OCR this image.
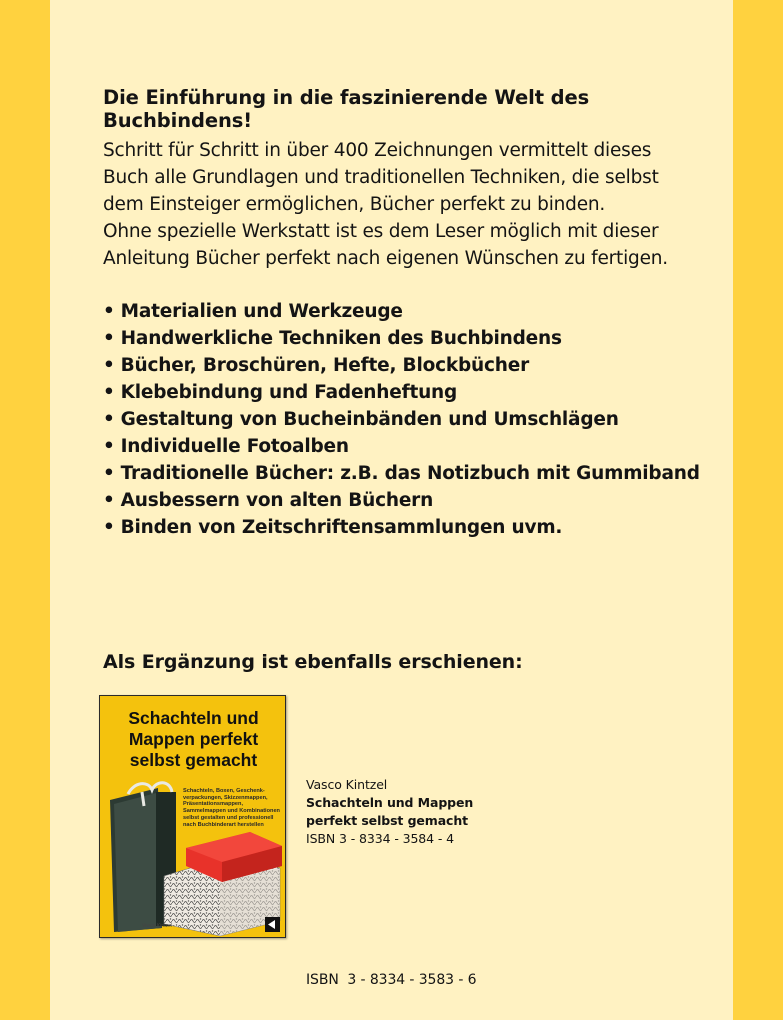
Die Einführung in die faszinierende Welt des Buchbindens!

Schritt für Schritt in über 400 Zeichnungen vermittelt dieses
Buch alle Grundlagen und traditionellen Techniken, die selbst
dem Einsteiger ermöglichen, Bücher perfekt zu binden.
Ohne spezielle Werkstatt ist es dem Leser möglich mit dieser
Anleitung Bücher perfekt nach eigenen Wünschen zu fertigen.

• Materialien und Werkzeuge
• Handwerkliche Techniken des Buchbindens
• Bücher, Broschüren, Hefte, Blockbücher
• Klebebindung und Fadenheftung
• Gestaltung von Bucheinbänden und Umschlägen
• Individuelle Fotoalben
• Traditionelle Bücher: z.B. das Notizbuch mit Gummiband
• Ausbessern von alten Büchern
• Binden von Zeitschriftensammlungen uvm.
Als Ergänzung ist ebenfalls erschienen:
Schachteln und
Mappen perfekt
selbst gemacht
Schachteln, Boxen, Geschenk-
verpackungen, Skizzenmappen,
Präsentationsmappen,
Sammelmappen und Kombinationen
selbst gestalten und professionell
nach Buchbinderart herstellen
Vasco Kintzel

Vasco Kintzel
Schachteln und Mappen
perfekt selbst gemacht
ISBN 3 - 8334 - 3584 - 4

ISBN  3 - 8334 - 3583 - 6
